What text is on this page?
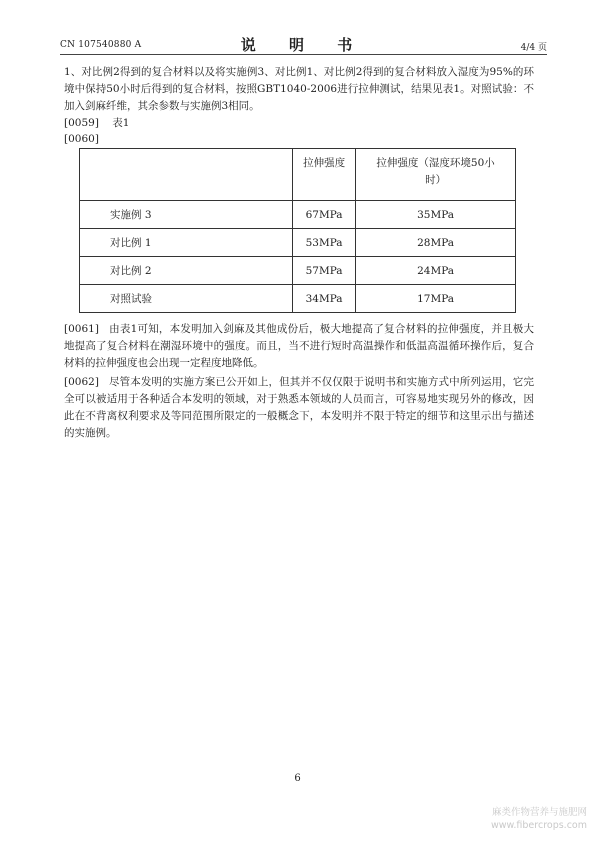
CN 107540880 A	说 明 书	4/4 页
1、对比例2得到的复合材料以及将实施例3、对比例1、对比例2得到的复合材料放入湿度为95%的环境中保持50小时后得到的复合材料，按照GBT1040-2006进行拉伸测试，结果见表1。对照试验：不加入剑麻纤维，其余参数与实施例3相同。
[0059] 表1
[0060]
	拉伸强度	拉伸强度（湿度环境50小时）
实施例 3	67MPa	35MPa
对比例 1	53MPa	28MPa
对比例 2	57MPa	24MPa
对照试验	34MPa	17MPa
[0061] 由表1可知，本发明加入剑麻及其他成份后，极大地提高了复合材料的拉伸强度，并且极大地提高了复合材料在潮湿环境中的强度。而且，当不进行短时高温操作和低温高温循环操作后，复合材料的拉伸强度也会出现一定程度地降低。
[0062] 尽管本发明的实施方案已公开如上，但其并不仅仅限于说明书和实施方式中所列运用，它完全可以被适用于各种适合本发明的领域，对于熟悉本领域的人员而言，可容易地实现另外的修改，因此在不背离权利要求及等同范围所限定的一般概念下，本发明并不限于特定的细节和这里示出与描述的实施例。
6
麻类作物营养与施肥网
www.fibercrops.com
